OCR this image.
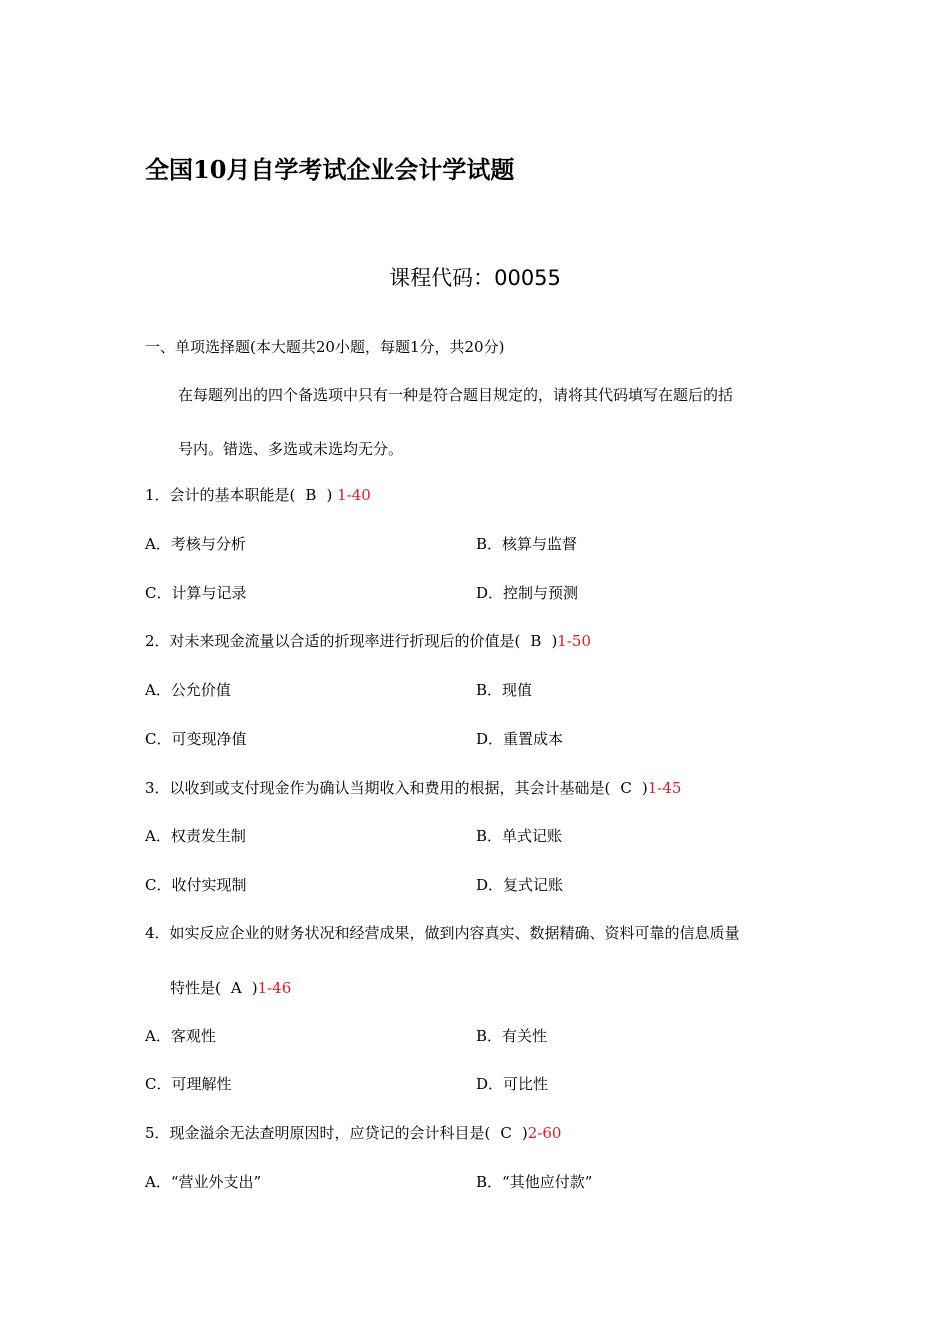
全国10月自学考试企业会计学试题
课程代码：00055
一、单项选择题(本大题共20小题，每题1分，共20分)
在每题列出的四个备选项中只有一种是符合题目规定的，请将其代码填写在题后的括
号内。错选、多选或未选均无分。
1．会计的基本职能是( B ) 1-40
A．考核与分析	B．核算与监督
C．计算与记录	D．控制与预测
2．对未来现金流量以合适的折现率进行折现后的价值是( B )1-50
A．公允价值	B．现值
C．可变现净值	D．重置成本
3．以收到或支付现金作为确认当期收入和费用的根据，其会计基础是( C )1-45
A．权责发生制	B．单式记账
C．收付实现制	D．复式记账
4．如实反应企业的财务状况和经营成果，做到内容真实、数据精确、资料可靠的信息质量
特性是( A )1-46
A．客观性	B．有关性
C．可理解性	D．可比性
5．现金溢余无法查明原因时，应贷记的会计科目是( C )2-60
A．“营业外支出”	B．“其他应付款”
